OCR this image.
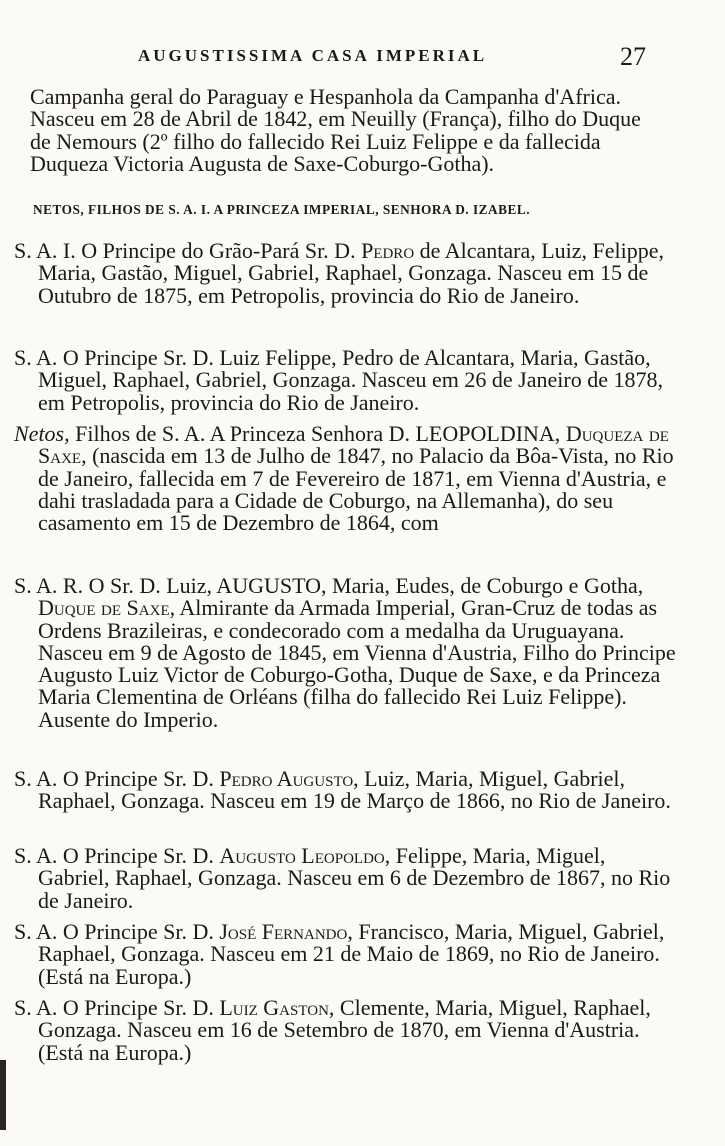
AUGUSTISSIMA CASA IMPERIAL	27

Campanha geral do Paraguay e Hespanhola da Campanha d'Africa. Nasceu em 28 de Abril de 1842, em Neuilly (França), filho do Duque de Nemours (2º filho do fallecido Rei Luiz Felippe e da fallecida Duqueza Victoria Augusta de Saxe-Coburgo-Gotha).

NETOS, FILHOS DE S. A. I. A PRINCEZA IMPERIAL, SENHORA D. IZABEL.

S. A. I. O Principe do Grão-Pará Sr. D. Pedro de Alcantara, Luiz, Felippe, Maria, Gastão, Miguel, Gabriel, Raphael, Gonzaga. Nasceu em 15 de Outubro de 1875, em Petropolis, provincia do Rio de Janeiro.

S. A. O Principe Sr. D. Luiz Felippe, Pedro de Alcantara, Maria, Gastão, Miguel, Raphael, Gabriel, Gonzaga. Nasceu em 26 de Janeiro de 1878, em Petropolis, provincia do Rio de Janeiro.

Netos, Filhos de S. A. A Princeza Senhora D. LEOPOLDINA, Duqueza de Saxe, (nascida em 13 de Julho de 1847, no Palacio da Bôa-Vista, no Rio de Janeiro, fallecida em 7 de Fevereiro de 1871, em Vienna d'Austria, e dahi trasladada para a Cidade de Coburgo, na Allemanha), do seu casamento em 15 de Dezembro de 1864, com

S. A. R. O Sr. D. Luiz, AUGUSTO, Maria, Eudes, de Coburgo e Gotha, Duque de Saxe, Almirante da Armada Imperial, Gran-Cruz de todas as Ordens Brazileiras, e condecorado com a medalha da Uruguayana. Nasceu em 9 de Agosto de 1845, em Vienna d'Austria, Filho do Principe Augusto Luiz Victor de Coburgo-Gotha, Duque de Saxe, e da Princeza Maria Clementina de Orléans (filha do fallecido Rei Luiz Felippe). Ausente do Imperio.

S. A. O Principe Sr. D. Pedro Augusto, Luiz, Maria, Miguel, Gabriel, Raphael, Gonzaga. Nasceu em 19 de Março de 1866, no Rio de Janeiro.

S. A. O Principe Sr. D. Augusto Leopoldo, Felippe, Maria, Miguel, Gabriel, Raphael, Gonzaga. Nasceu em 6 de Dezembro de 1867, no Rio de Janeiro.

S. A. O Principe Sr. D. José Fernando, Francisco, Maria, Miguel, Gabriel, Raphael, Gonzaga. Nasceu em 21 de Maio de 1869, no Rio de Janeiro. (Está na Europa.)

S. A. O Principe Sr. D. Luiz Gaston, Clemente, Maria, Miguel, Raphael, Gonzaga. Nasceu em 16 de Setembro de 1870, em Vienna d'Austria. (Está na Europa.)
